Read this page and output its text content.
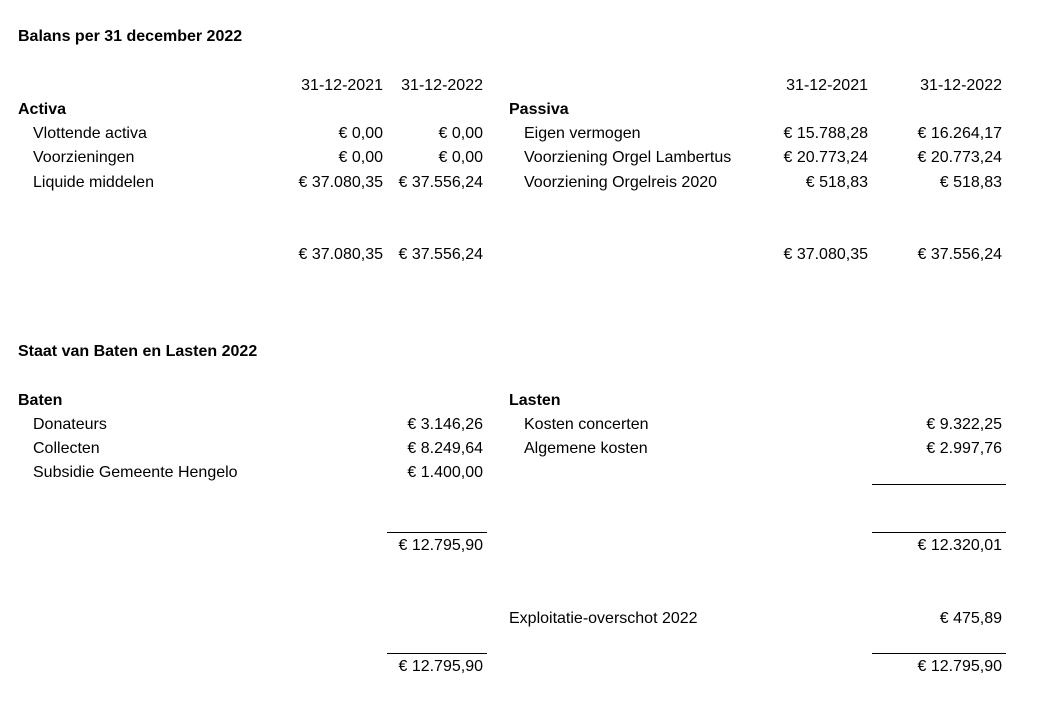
Balans per 31 december 2022
31-12-2021	31-12-2022	31-12-2021	31-12-2022
Activa
Vlottende activa	€ 0,00	€ 0,00
Voorzieningen	€ 0,00	€ 0,00
Liquide middelen	€ 37.080,35 € 37.556,24
€ 37.080,35 € 37.556,24
Passiva
Eigen vermogen	€ 15.788,28	€ 16.264,17
Voorziening Orgel Lambertus	€ 20.773,24	€ 20.773,24
Voorziening Orgelreis 2020	€ 518,83	€ 518,83
€ 37.080,35	€ 37.556,24
Staat van Baten en Lasten 2022
Baten
Donateurs	€ 3.146,26
Collecten	€ 8.249,64
Subsidie Gemeente Hengelo	€ 1.400,00
€ 12.795,90
€ 12.795,90
Lasten
Kosten concerten	€ 9.322,25
Algemene kosten	€ 2.997,76
€ 12.320,01
Exploitatie-overschot 2022	€ 475,89
€ 12.795,90
